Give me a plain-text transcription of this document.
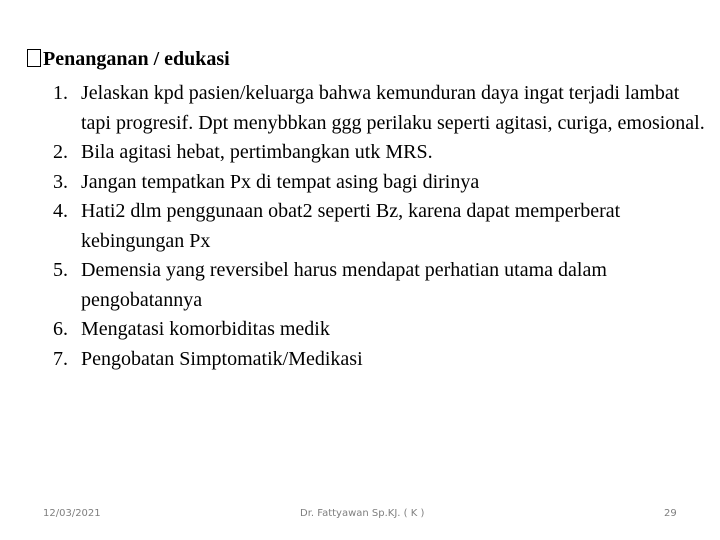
Penanganan / edukasi
1. Jelaskan kpd pasien/keluarga bahwa kemunduran daya ingat terjadi lambat tapi progresif. Dpt menybbkan ggg perilaku seperti agitasi, curiga, emosional.
2. Bila agitasi hebat, pertimbangkan utk MRS.
3. Jangan tempatkan Px di tempat asing bagi dirinya
4. Hati2 dlm penggunaan obat2 seperti Bz, karena dapat memperberat kebingungan Px
5. Demensia yang reversibel harus mendapat perhatian utama dalam pengobatannya
6. Mengatasi komorbiditas medik
7. Pengobatan Simptomatik/Medikasi
12/03/2021	Dr. Fattyawan Sp.KJ. ( K )	29
